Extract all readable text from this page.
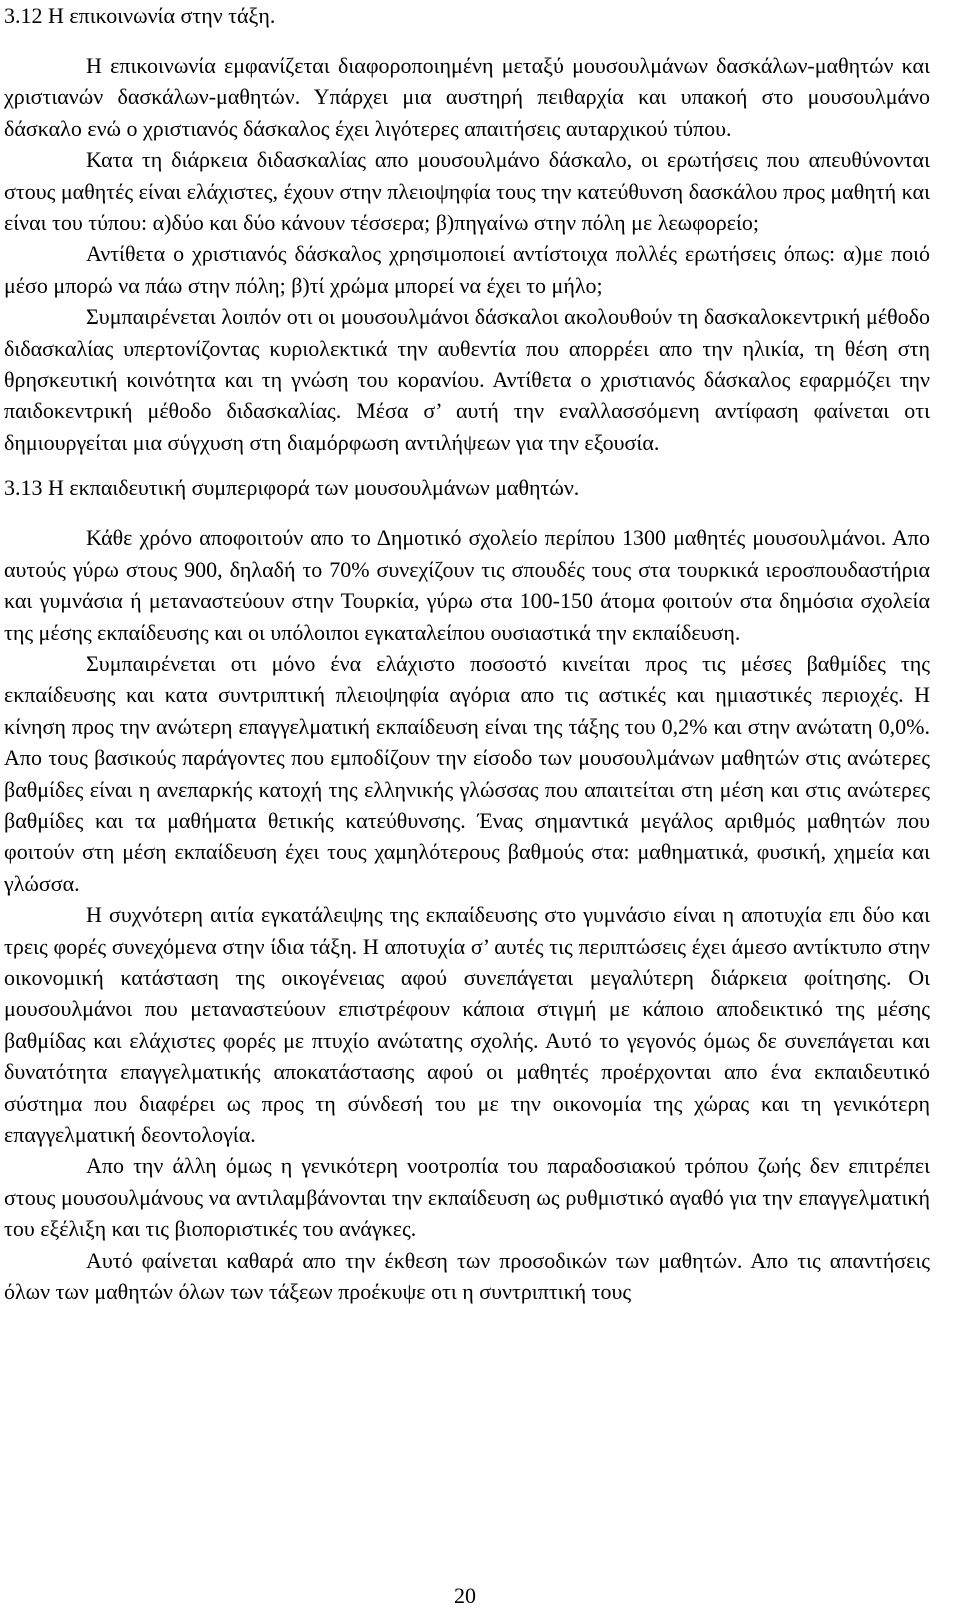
3.12 Η επικοινωνία στην τάξη.

Η επικοινωνία εμφανίζεται διαφοροποιημένη μεταξύ μουσουλμάνων δασκάλων-μαθητών και χριστιανών δασκάλων-μαθητών. Υπάρχει μια αυστηρή πειθαρχία και υπακοή στο μουσουλμάνο δάσκαλο ενώ ο χριστιανός δάσκαλος έχει λιγότερες απαιτήσεις αυταρχικού τύπου.

Κατα τη διάρκεια διδασκαλίας απο μουσουλμάνο δάσκαλο, οι ερωτήσεις που απευθύνονται στους μαθητές είναι ελάχιστες, έχουν στην πλειοψηφία τους την κατεύθυνση δασκάλου προς μαθητή και είναι του τύπου: α)δύο και δύο κάνουν τέσσερα; β)πηγαίνω στην πόλη με λεωφορείο;

Αντίθετα ο χριστιανός δάσκαλος χρησιμοποιεί αντίστοιχα πολλές ερωτήσεις όπως: α)με ποιό μέσο μπορώ να πάω στην πόλη; β)τί χρώμα μπορεί να έχει το μήλο;

Συμπαιρένεται λοιπόν οτι οι μουσουλμάνοι δάσκαλοι ακολουθούν τη δασκαλοκεντρική μέθοδο διδασκαλίας υπερτονίζοντας κυριολεκτικά την αυθεντία που απορρέει απο την ηλικία, τη θέση στη θρησκευτική κοινότητα και τη γνώση του κορανίου. Αντίθετα ο χριστιανός δάσκαλος εφαρμόζει την παιδοκεντρική μέθοδο διδασκαλίας. Μέσα σ’ αυτή την εναλλασσόμενη αντίφαση φαίνεται οτι δημιουργείται μια σύγχυση στη διαμόρφωση αντιλήψεων για την εξουσία.

3.13 Η εκπαιδευτική συμπεριφορά των μουσουλμάνων μαθητών.

Κάθε χρόνο αποφοιτούν απο το Δημοτικό σχολείο περίπου 1300 μαθητές μουσουλμάνοι. Απο αυτούς γύρω στους 900, δηλαδή το 70% συνεχίζουν τις σπουδές τους στα τουρκικά ιεροσπουδαστήρια και γυμνάσια ή μεταναστεύουν στην Τουρκία, γύρω στα 100-150 άτομα φοιτούν στα δημόσια σχολεία της μέσης εκπαίδευσης και οι υπόλοιποι εγκαταλείπου ουσιαστικά την εκπαίδευση.

Συμπαιρένεται οτι μόνο ένα ελάχιστο ποσοστό κινείται προς τις μέσες βαθμίδες της εκπαίδευσης και κατα συντριπτική πλειοψηφία αγόρια απο τις αστικές και ημιαστικές περιοχές. Η κίνηση προς την ανώτερη επαγγελματική εκπαίδευση είναι της τάξης του 0,2% και στην ανώτατη 0,0%. Απο τους βασικούς παράγοντες που εμποδίζουν την είσοδο των μουσουλμάνων μαθητών στις ανώτερες βαθμίδες είναι η ανεπαρκής κατοχή της ελληνικής γλώσσας που απαιτείται στη μέση και στις ανώτερες βαθμίδες και τα μαθήματα θετικής κατεύθυνσης. Ένας σημαντικά μεγάλος αριθμός μαθητών που φοιτούν στη μέση εκπαίδευση έχει τους χαμηλότερους βαθμούς στα: μαθηματικά, φυσική, χημεία και γλώσσα.

Η συχνότερη αιτία εγκατάλειψης της εκπαίδευσης στο γυμνάσιο είναι η αποτυχία επι δύο και τρεις φορές συνεχόμενα στην ίδια τάξη. Η αποτυχία σ’ αυτές τις περιπτώσεις έχει άμεσο αντίκτυπο στην οικονομική κατάσταση της οικογένειας αφού συνεπάγεται μεγαλύτερη διάρκεια φοίτησης. Οι μουσουλμάνοι που μεταναστεύουν επιστρέφουν κάποια στιγμή με κάποιο αποδεικτικό της μέσης βαθμίδας και ελάχιστες φορές με πτυχίο ανώτατης σχολής. Αυτό το γεγονός όμως δε συνεπάγεται και δυνατότητα επαγγελματικής αποκατάστασης αφού οι μαθητές προέρχονται απο ένα εκπαιδευτικό σύστημα που διαφέρει ως προς τη σύνδεσή του με την οικονομία της χώρας και τη γενικότερη επαγγελματική δεοντολογία.

Απο την άλλη όμως η γενικότερη νοοτροπία του παραδοσιακού τρόπου ζωής δεν επιτρέπει στους μουσουλμάνους να αντιλαμβάνονται την εκπαίδευση ως ρυθμιστικό αγαθό για την επαγγελματική του εξέλιξη και τις βιοποριστικές του ανάγκες.

Αυτό φαίνεται καθαρά απο την έκθεση των προσοδικών των μαθητών. Απο τις απαντήσεις όλων των μαθητών όλων των τάξεων προέκυψε οτι η συντριπτική τους

20
